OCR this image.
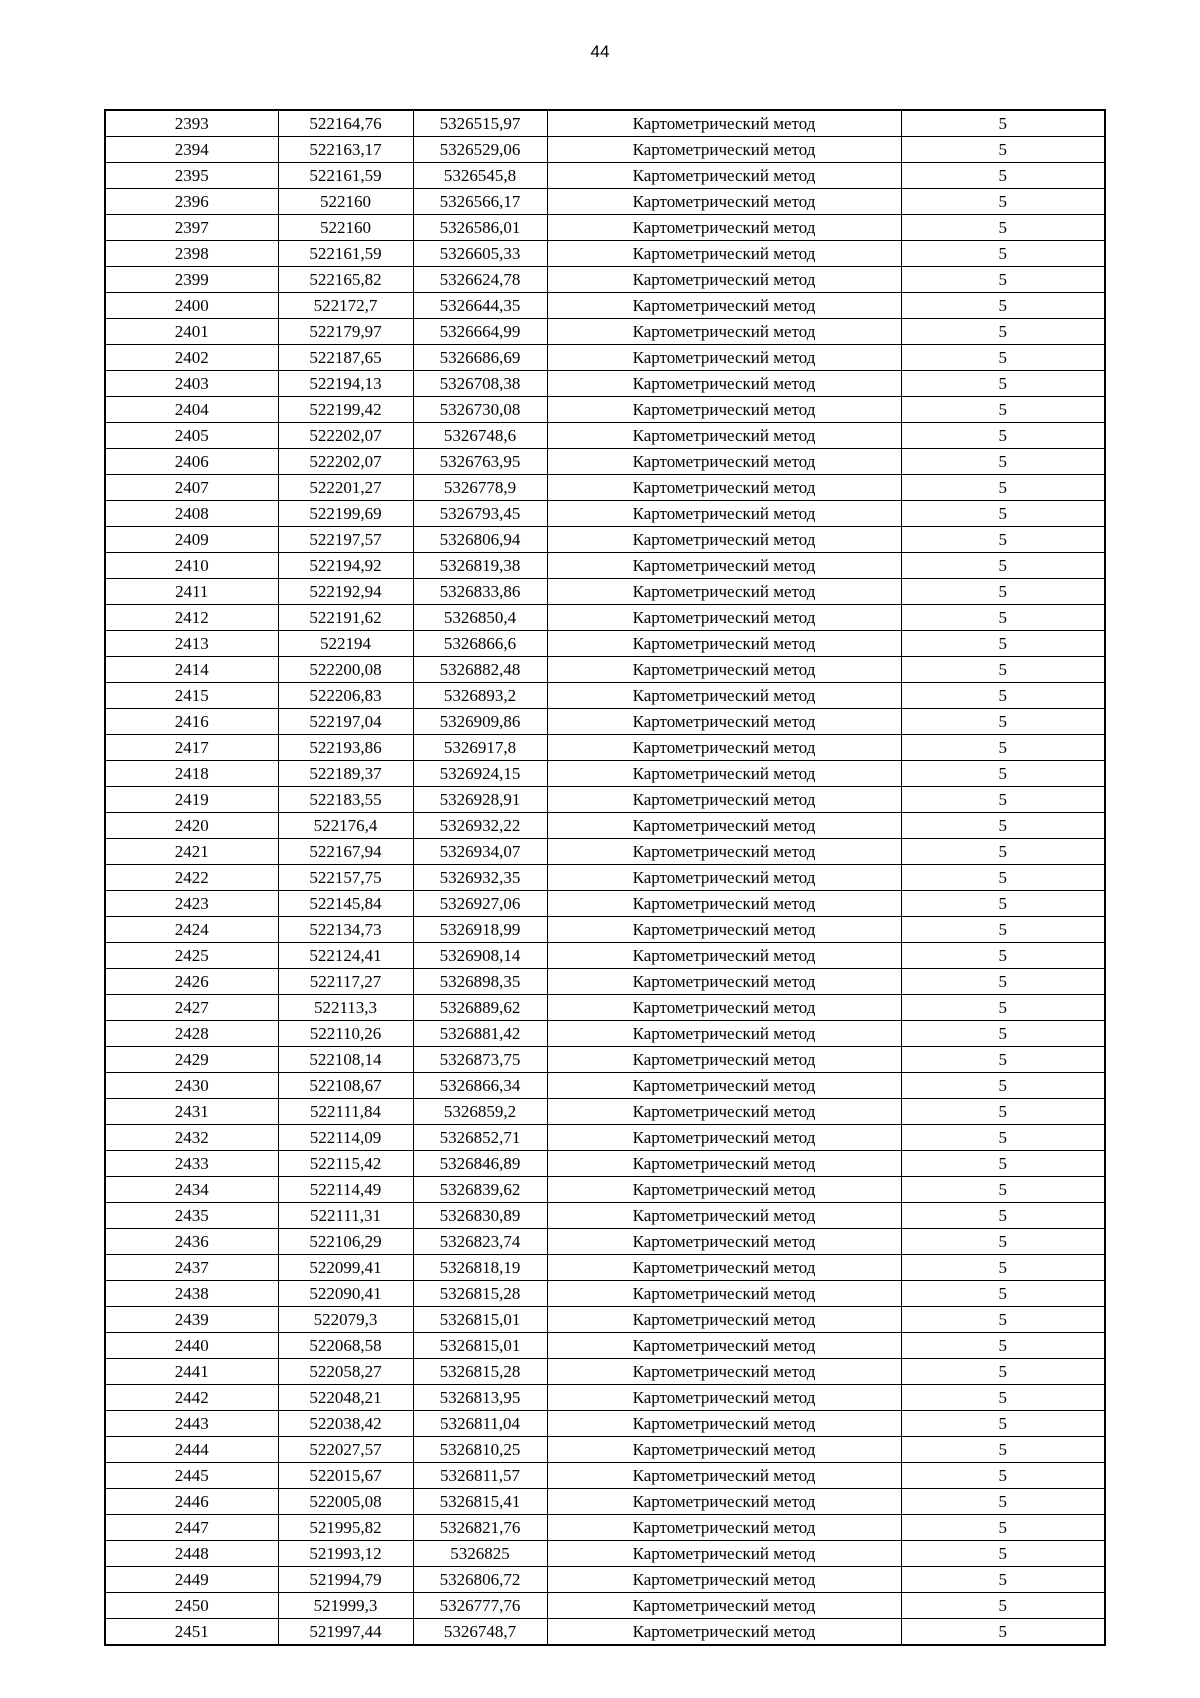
44
2393	522164,76	5326515,97	Картометрический метод	5
2394	522163,17	5326529,06	Картометрический метод	5
2395	522161,59	5326545,8	Картометрический метод	5
2396	522160	5326566,17	Картометрический метод	5
2397	522160	5326586,01	Картометрический метод	5
2398	522161,59	5326605,33	Картометрический метод	5
2399	522165,82	5326624,78	Картометрический метод	5
2400	522172,7	5326644,35	Картометрический метод	5
2401	522179,97	5326664,99	Картометрический метод	5
2402	522187,65	5326686,69	Картометрический метод	5
2403	522194,13	5326708,38	Картометрический метод	5
2404	522199,42	5326730,08	Картометрический метод	5
2405	522202,07	5326748,6	Картометрический метод	5
2406	522202,07	5326763,95	Картометрический метод	5
2407	522201,27	5326778,9	Картометрический метод	5
2408	522199,69	5326793,45	Картометрический метод	5
2409	522197,57	5326806,94	Картометрический метод	5
2410	522194,92	5326819,38	Картометрический метод	5
2411	522192,94	5326833,86	Картометрический метод	5
2412	522191,62	5326850,4	Картометрический метод	5
2413	522194	5326866,6	Картометрический метод	5
2414	522200,08	5326882,48	Картометрический метод	5
2415	522206,83	5326893,2	Картометрический метод	5
2416	522197,04	5326909,86	Картометрический метод	5
2417	522193,86	5326917,8	Картометрический метод	5
2418	522189,37	5326924,15	Картометрический метод	5
2419	522183,55	5326928,91	Картометрический метод	5
2420	522176,4	5326932,22	Картометрический метод	5
2421	522167,94	5326934,07	Картометрический метод	5
2422	522157,75	5326932,35	Картометрический метод	5
2423	522145,84	5326927,06	Картометрический метод	5
2424	522134,73	5326918,99	Картометрический метод	5
2425	522124,41	5326908,14	Картометрический метод	5
2426	522117,27	5326898,35	Картометрический метод	5
2427	522113,3	5326889,62	Картометрический метод	5
2428	522110,26	5326881,42	Картометрический метод	5
2429	522108,14	5326873,75	Картометрический метод	5
2430	522108,67	5326866,34	Картометрический метод	5
2431	522111,84	5326859,2	Картометрический метод	5
2432	522114,09	5326852,71	Картометрический метод	5
2433	522115,42	5326846,89	Картометрический метод	5
2434	522114,49	5326839,62	Картометрический метод	5
2435	522111,31	5326830,89	Картометрический метод	5
2436	522106,29	5326823,74	Картометрический метод	5
2437	522099,41	5326818,19	Картометрический метод	5
2438	522090,41	5326815,28	Картометрический метод	5
2439	522079,3	5326815,01	Картометрический метод	5
2440	522068,58	5326815,01	Картометрический метод	5
2441	522058,27	5326815,28	Картометрический метод	5
2442	522048,21	5326813,95	Картометрический метод	5
2443	522038,42	5326811,04	Картометрический метод	5
2444	522027,57	5326810,25	Картометрический метод	5
2445	522015,67	5326811,57	Картометрический метод	5
2446	522005,08	5326815,41	Картометрический метод	5
2447	521995,82	5326821,76	Картометрический метод	5
2448	521993,12	5326825	Картометрический метод	5
2449	521994,79	5326806,72	Картометрический метод	5
2450	521999,3	5326777,76	Картометрический метод	5
2451	521997,44	5326748,7	Картометрический метод	5
